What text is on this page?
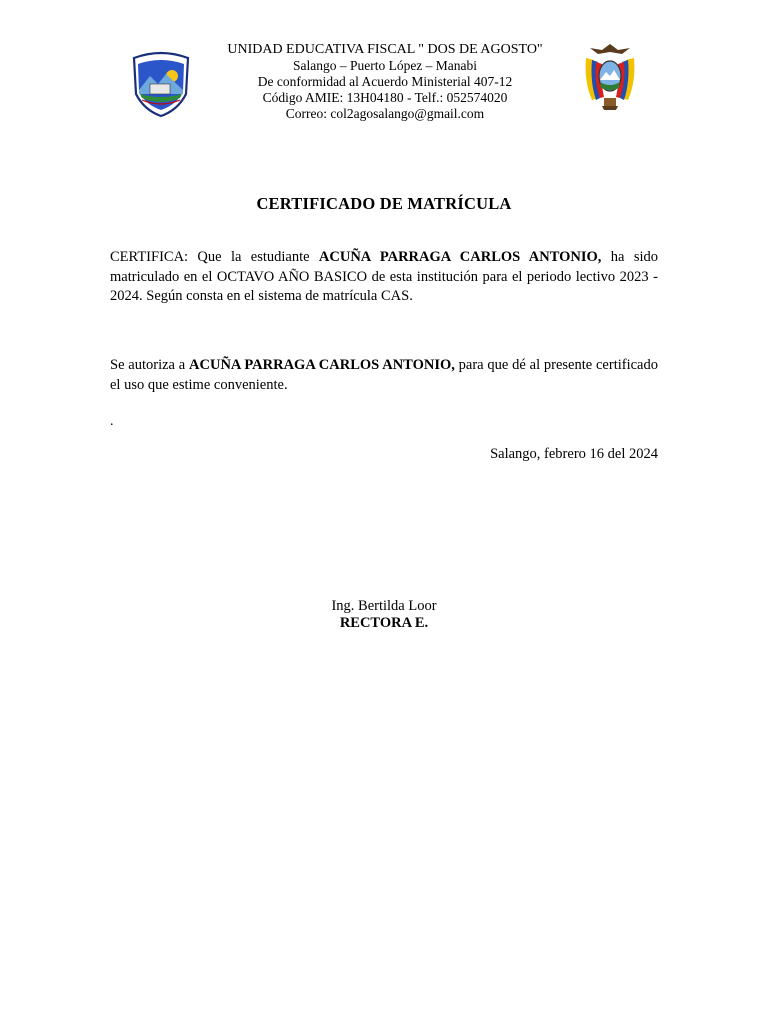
UNIDAD EDUCATIVA FISCAL " DOS DE AGOSTO"
Salango – Puerto López – Manabi
De conformidad al Acuerdo Ministerial 407-12
Código AMIE: 13H04180 - Telf.: 052574020
Correo: col2agosalango@gmail.com
CERTIFICADO DE MATRÍCULA
CERTIFICA: Que la estudiante ACUÑA PARRAGA CARLOS ANTONIO, ha sido matriculado en el OCTAVO AÑO BASICO de esta institución para el periodo lectivo 2023 - 2024. Según consta en el sistema de matrícula CAS.
Se autoriza a ACUÑA PARRAGA CARLOS ANTONIO, para que dé al presente certificado el uso que estime conveniente.
.
Salango, febrero 16 del 2024
Ing. Bertilda Loor
RECTORA E.
